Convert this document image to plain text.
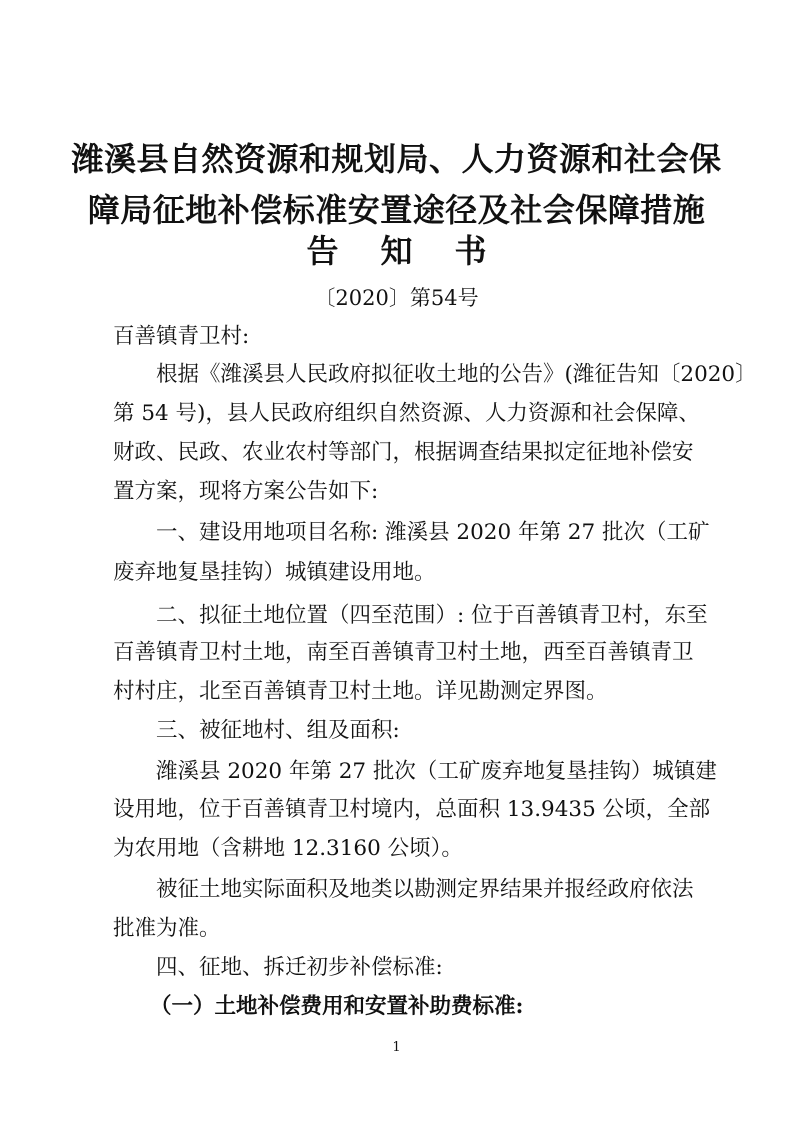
潍溪县自然资源和规划局、人力资源和社会保
障局征地补偿标准安置途径及社会保障措施
告知书
〔2020〕第54号
百善镇青卫村:
根据《潍溪县人民政府拟征收土地的公告》(潍征告知〔2020〕
第 54 号)，县人民政府组织自然资源、人力资源和社会保障、
财政、民政、农业农村等部门，根据调查结果拟定征地补偿安
置方案，现将方案公告如下:
一、建设用地项目名称: 潍溪县 2020 年第 27 批次（工矿
废弃地复垦挂钩）城镇建设用地。
二、拟征土地位置（四至范围）: 位于百善镇青卫村，东至
百善镇青卫村土地，南至百善镇青卫村土地，西至百善镇青卫
村村庄，北至百善镇青卫村土地。详见勘测定界图。
三、被征地村、组及面积:
潍溪县 2020 年第 27 批次（工矿废弃地复垦挂钩）城镇建
设用地，位于百善镇青卫村境内，总面积 13.9435 公顷，全部
为农用地（含耕地 12.3160 公顷）。
被征土地实际面积及地类以勘测定界结果并报经政府依法
批准为准。
四、征地、拆迁初步补偿标准:
（一）土地补偿费用和安置补助费标准:
1
